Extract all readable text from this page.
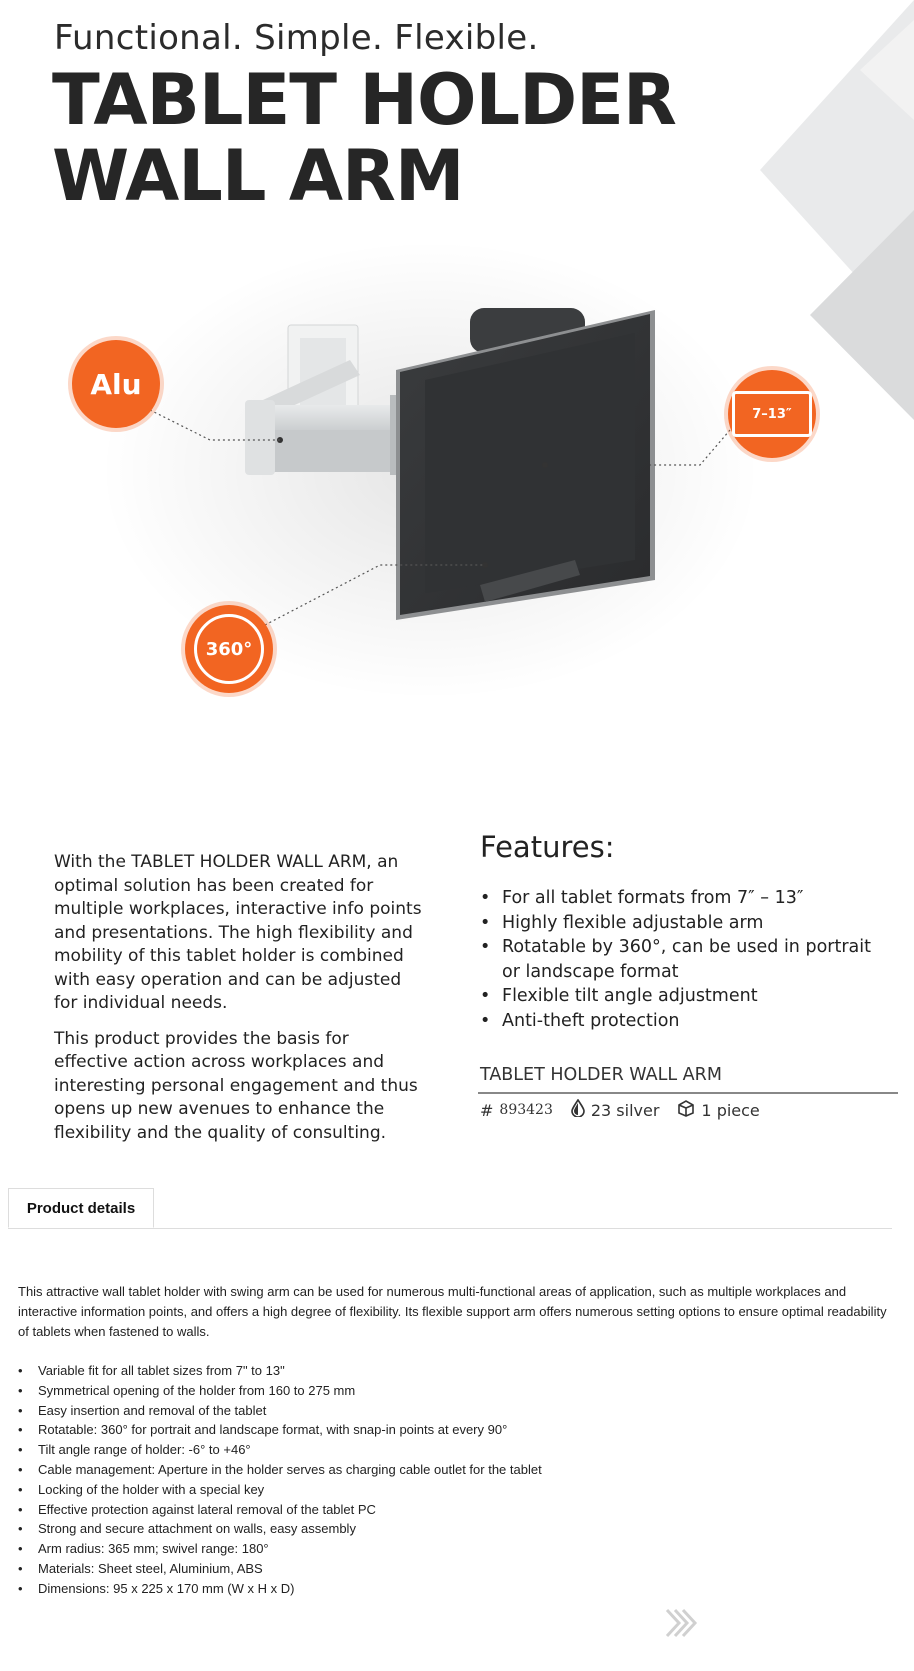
Functional. Simple. Flexible.
TABLET HOLDER
WALL ARM
Alu
360°
7–13″

With the TABLET HOLDER WALL ARM, an optimal solution has been created for multiple workplaces, interactive info points and presentations. The high flexibility and mobility of this tablet holder is combined with easy operation and can be adjusted for individual needs.

This product provides the basis for effective action across workplaces and interesting personal engagement and thus opens up new avenues to enhance the flexibility and the quality of consulting.

Features:
• For all tablet formats from 7″ – 13″
• Highly flexible adjustable arm
• Rotatable by 360°, can be used in portrait or landscape format
• Flexible tilt angle adjustment
• Anti-theft protection
TABLET HOLDER WALL ARM
# 893423 23 silver	1 piece
Product details

This attractive wall tablet holder with swing arm can be used for numerous multi-functional areas of application, such as multiple workplaces and interactive information points, and offers a high degree of flexibility. Its flexible support arm offers numerous setting options to ensure optimal readability of tablets when fastened to walls.

• Variable fit for all tablet sizes from 7" to 13"
• Symmetrical opening of the holder from 160 to 275 mm
• Easy insertion and removal of the tablet
• Rotatable: 360° for portrait and landscape format, with snap-in points at every 90°
• Tilt angle range of holder: -6° to +46°
• Cable management: Aperture in the holder serves as charging cable outlet for the tablet
• Locking of the holder with a special key
• Effective protection against lateral removal of the tablet PC
• Strong and secure attachment on walls, easy assembly
• Arm radius: 365 mm; swivel range: 180°
• Materials: Sheet steel, Aluminium, ABS
• Dimensions: 95 x 225 x 170 mm (W x H x D)
